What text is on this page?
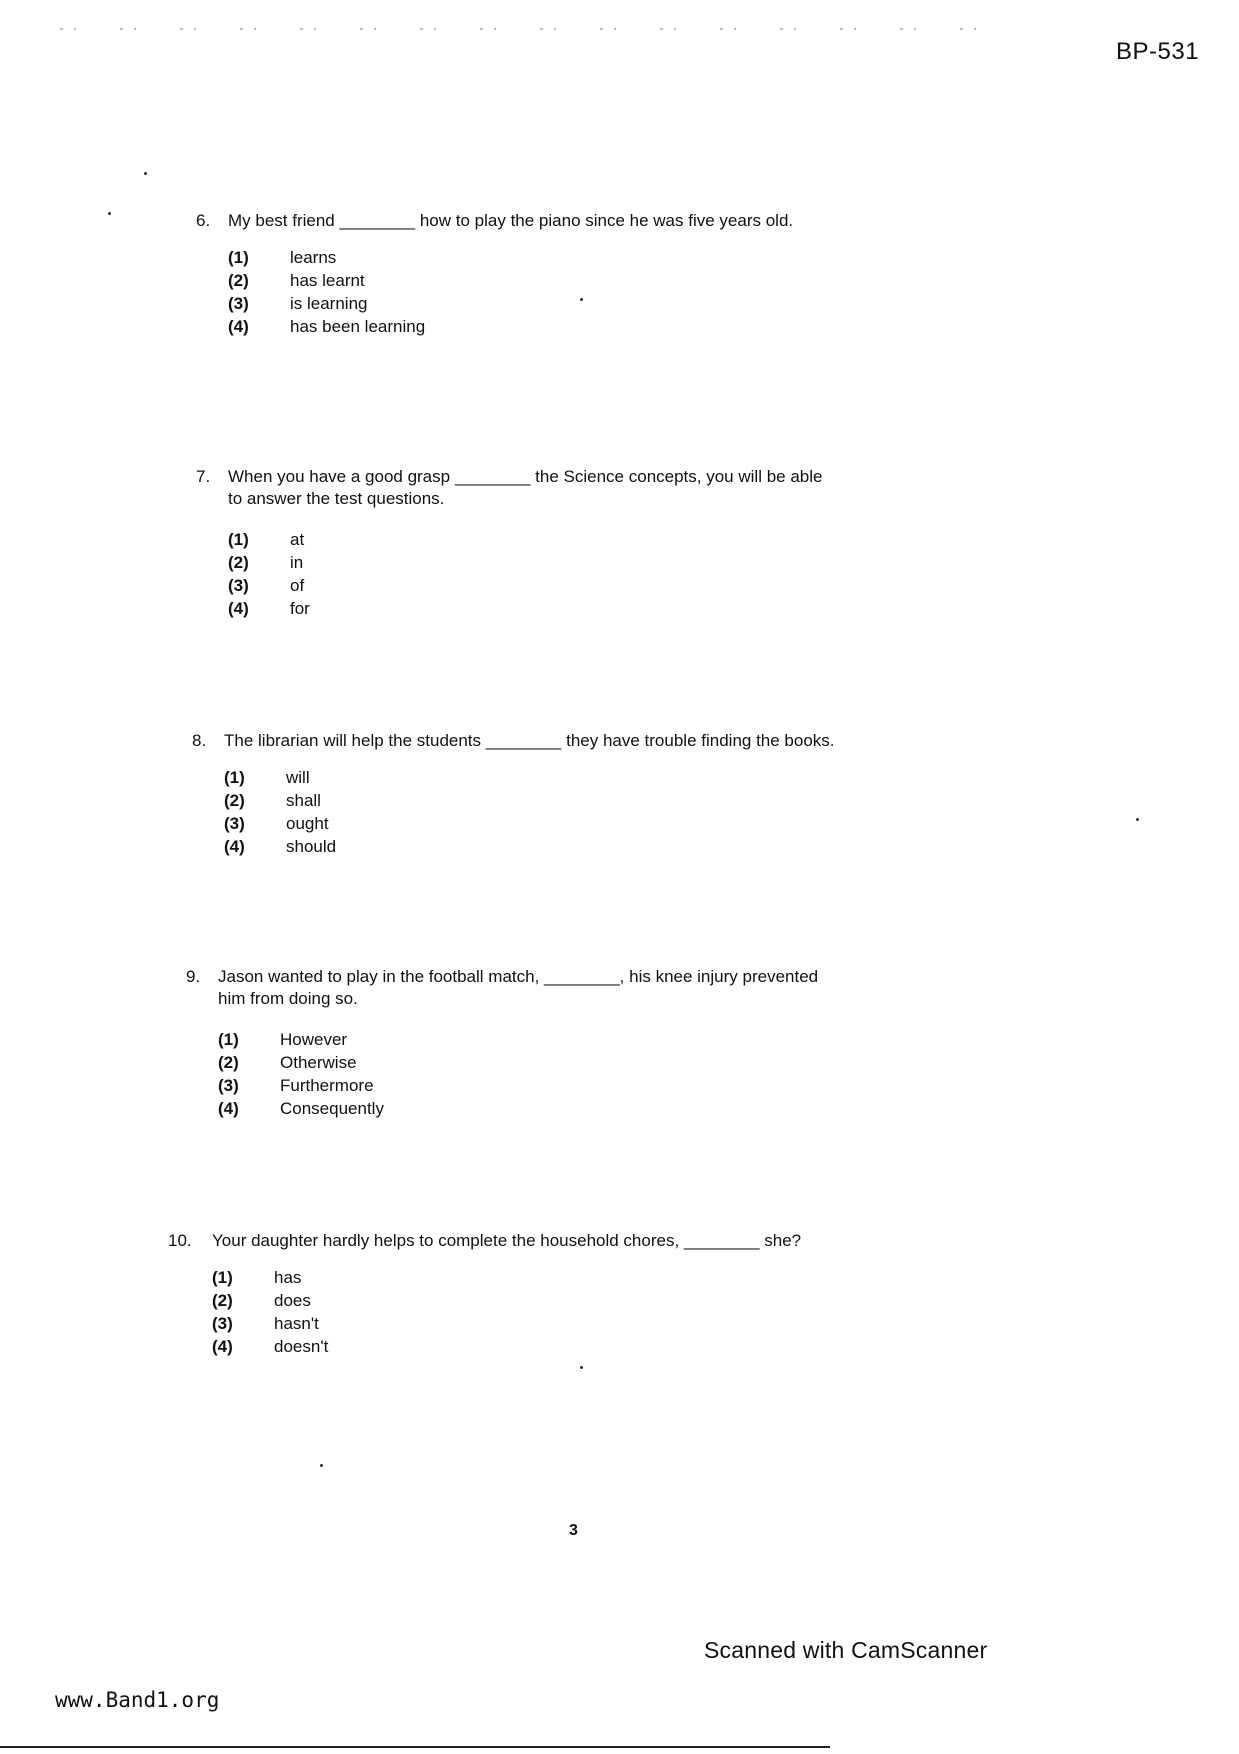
BP-531
6.	My best friend ________ how to play the piano since he was five years old.
(1)	learns
(2)	has learnt
(3)	is learning
(4)	has been learning
7.	When you have a good grasp ________ the Science concepts, you will be able
to answer the test questions.
(1)	at
(2)	in
(3)	of
(4)	for
8.	The librarian will help the students ________ they have trouble finding the books.
(1)	will
(2)	shall
(3)	ought
(4)	should
9.	Jason wanted to play in the football match, ________, his knee injury prevented
him from doing so.
(1)	However
(2)	Otherwise
(3)	Furthermore
(4)	Consequently
10.	Your daughter hardly helps to complete the household chores, ________ she?
(1)	has
(2)	does
(3)	hasn't
(4)	doesn't
3
Scanned with CamScanner
www.Band1.org
